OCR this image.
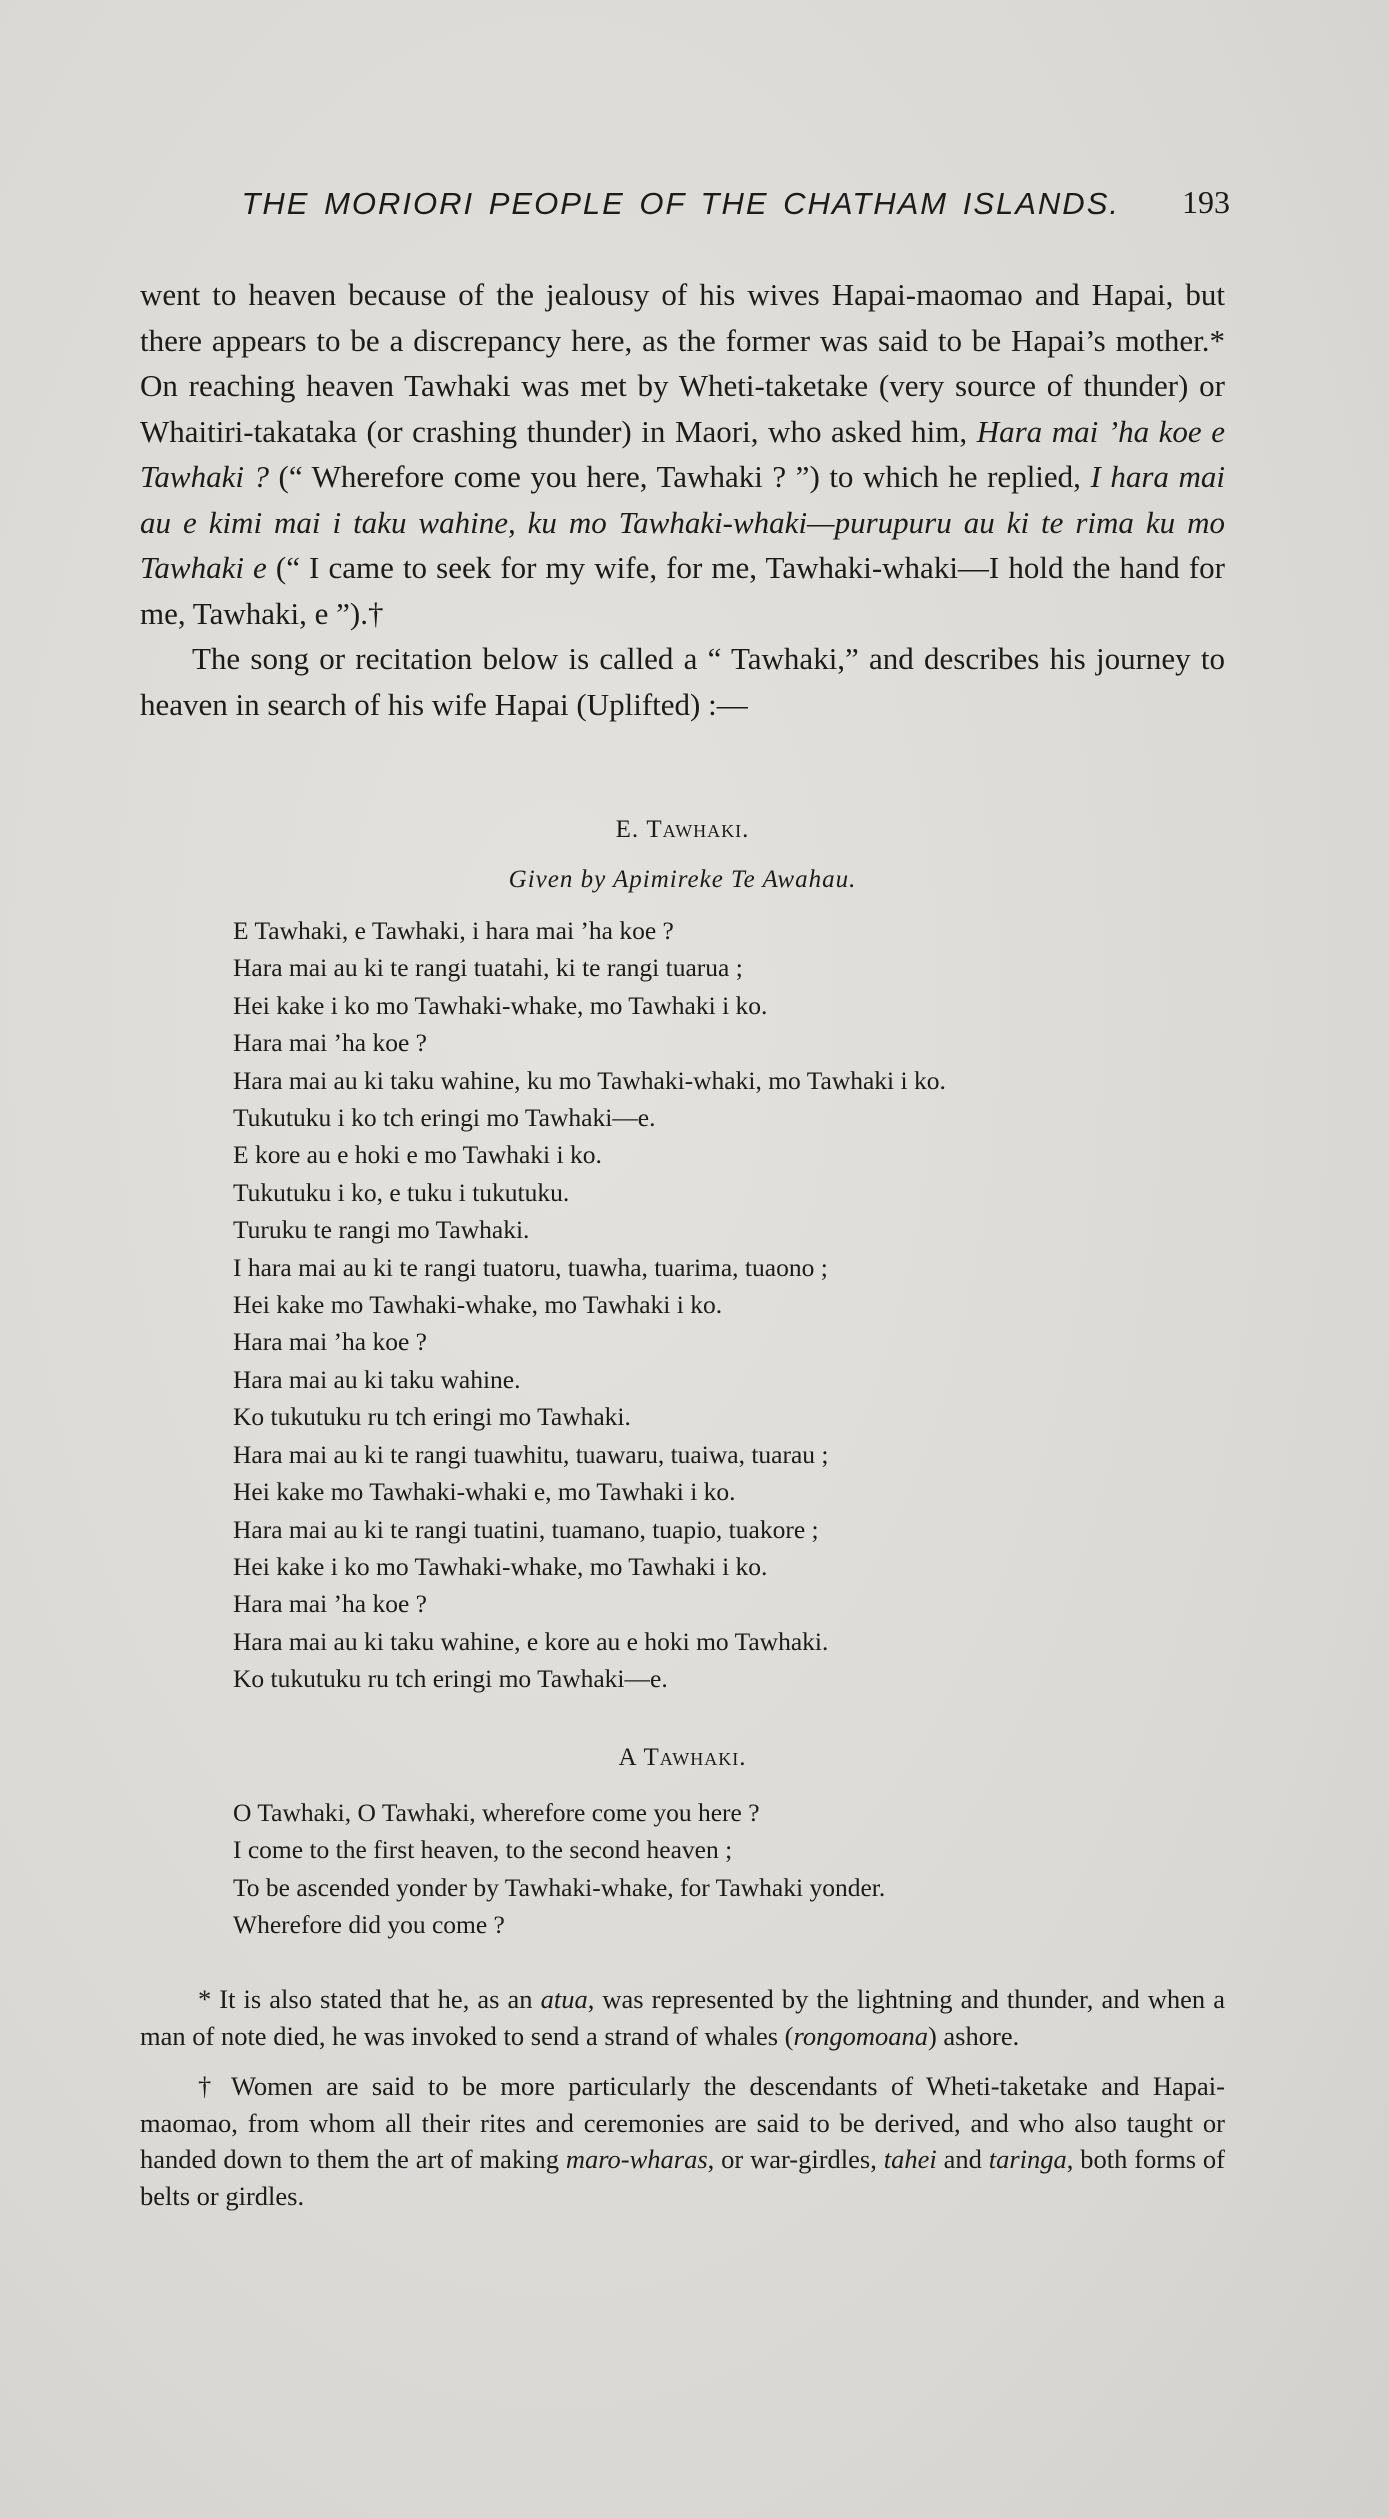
THE MORIORI PEOPLE OF THE CHATHAM ISLANDS. 193

went to heaven because of the jealousy of his wives Hapai-maomao and Hapai, but there appears to be a discrepancy here, as the former was said to be Hapai’s mother.* On reaching heaven Tawhaki was met by Wheti-taketake (very source of thunder) or Whaitiri-takataka (or crashing thunder) in Maori, who asked him, Hara mai ’ha koe e Tawhaki ? (“ Wherefore come you here, Tawhaki ? ”) to which he replied, I hara mai au e kimi mai i taku wahine, ku mo Tawhaki-whaki—purupuru au ki te rima ku mo Tawhaki e (“ I came to seek for my wife, for me, Tawhaki-whaki—I hold the hand for me, Tawhaki, e ”).†

The song or recitation below is called a “ Tawhaki,” and describes his journey to heaven in search of his wife Hapai (Uplifted) :—

E. Tawhaki.
Given by Apimireke Te Awahau.
E Tawhaki, e Tawhaki, i hara mai ’ha koe ?
Hara mai au ki te rangi tuatahi, ki te rangi tuarua ;
Hei kake i ko mo Tawhaki-whake, mo Tawhaki i ko.
Hara mai ’ha koe ?
Hara mai au ki taku wahine, ku mo Tawhaki-whaki, mo Tawhaki i ko.
Tukutuku i ko tch eringi mo Tawhaki—e.
E kore au e hoki e mo Tawhaki i ko.
Tukutuku i ko, e tuku i tukutuku.
Turuku te rangi mo Tawhaki.
I hara mai au ki te rangi tuatoru, tuawha, tuarima, tuaono ;
Hei kake mo Tawhaki-whake, mo Tawhaki i ko.
Hara mai ’ha koe ?
Hara mai au ki taku wahine.
Ko tukutuku ru tch eringi mo Tawhaki.
Hara mai au ki te rangi tuawhitu, tuawaru, tuaiwa, tuarau ;
Hei kake mo Tawhaki-whaki e, mo Tawhaki i ko.
Hara mai au ki te rangi tuatini, tuamano, tuapio, tuakore ;
Hei kake i ko mo Tawhaki-whake, mo Tawhaki i ko.
Hara mai ’ha koe ?
Hara mai au ki taku wahine, e kore au e hoki mo Tawhaki.
Ko tukutuku ru tch eringi mo Tawhaki—e.
A Tawhaki.
O Tawhaki, O Tawhaki, wherefore come you here ?
I come to the first heaven, to the second heaven ;
To be ascended yonder by Tawhaki-whake, for Tawhaki yonder.
Wherefore did you come ?

* It is also stated that he, as an atua, was represented by the lightning and thunder, and when a man of note died, he was invoked to send a strand of whales (rongomoana) ashore.

† Women are said to be more particularly the descendants of Wheti-taketake and Hapai-maomao, from whom all their rites and ceremonies are said to be derived, and who also taught or handed down to them the art of making maro-wharas, or war-girdles, tahei and taringa, both forms of belts or girdles.
